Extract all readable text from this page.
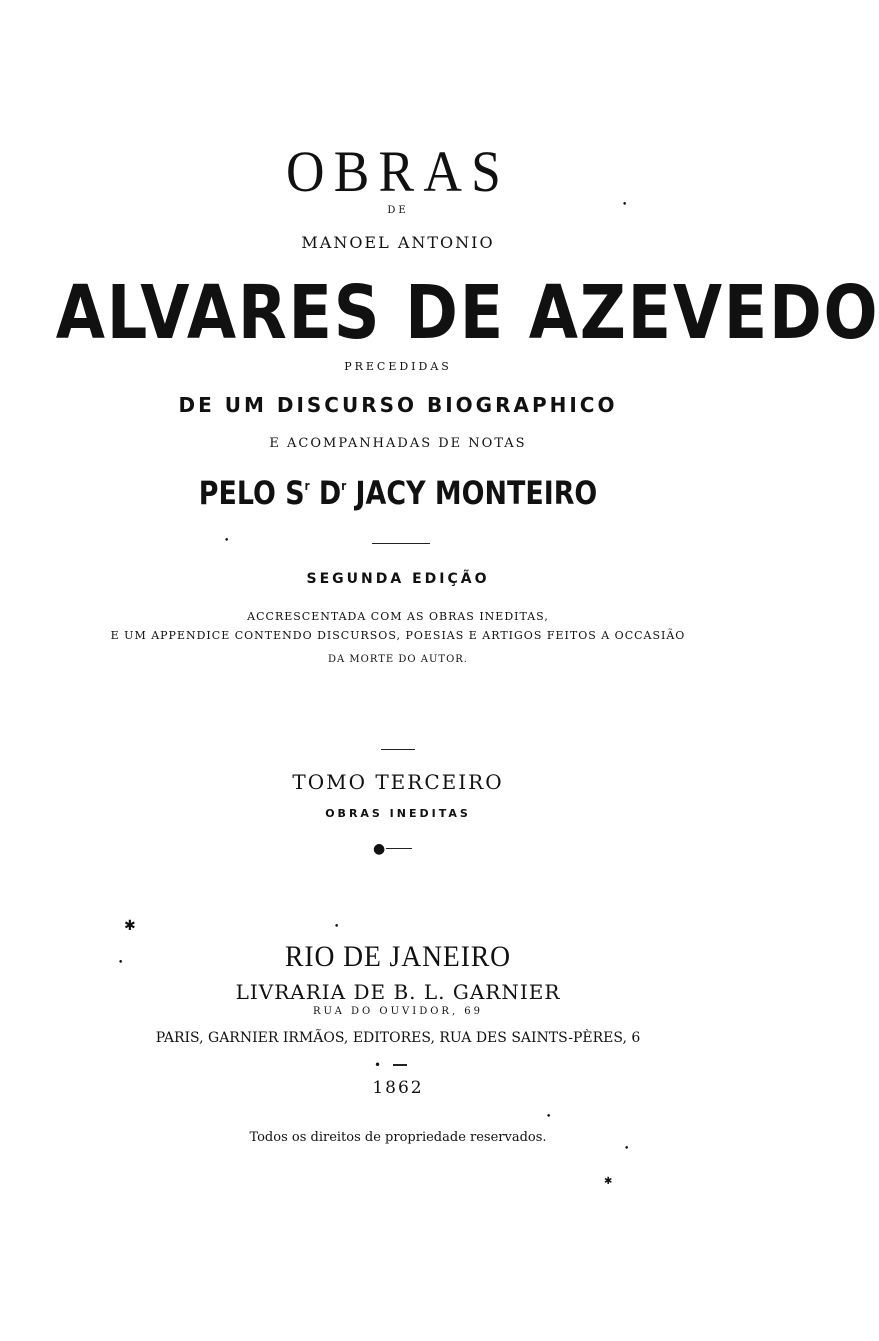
OBRAS
DE
MANOEL ANTONIO
ALVARES DE AZEVEDO
PRECEDIDAS
DE UM DISCURSO BIOGRAPHICO
E ACOMPANHADAS DE NOTAS
PELO $S^r$ $D^r$ JACY MONTEIRO
SEGUNDA EDIÇÃO
ACCRESCENTADA COM AS OBRAS INEDITAS,
E UM APPENDICE CONTENDO DISCURSOS, POESIAS E ARTIGOS FEITOS A OCCASIÃO
DA MORTE DO AUTOR.
TOMO TERCEIRO
OBRAS INEDITAS
●
RIO DE JANEIRO
LIVRARIA DE B. L. GARNIER
RUA DO OUVIDOR, 69
PARIS, GARNIER IRMÃOS, EDITORES, RUA DES SAINTS-PÈRES, 6
•
1862
Todos os direitos de propriedade reservados.
•
•
✱
•
•
•
•
✱
